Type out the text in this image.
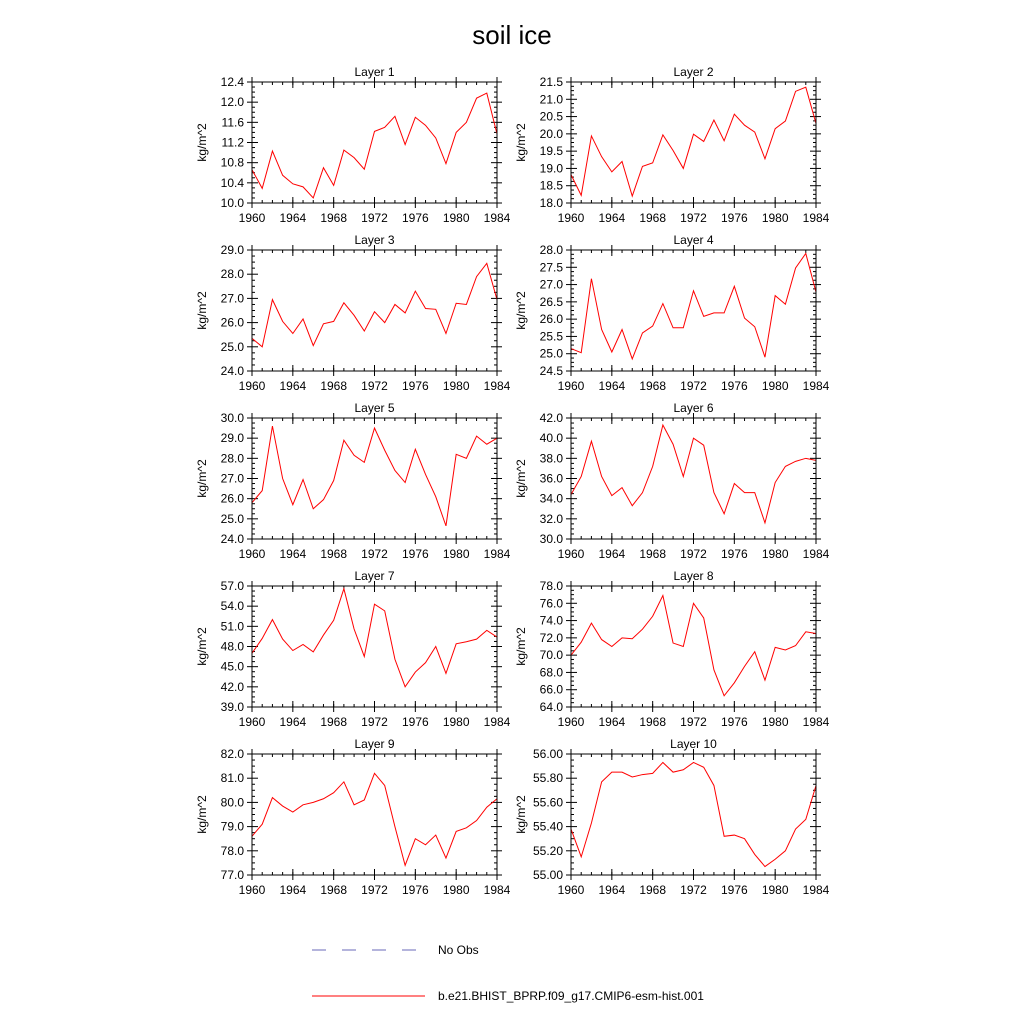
soil ice
Layer 1
kg/m^2
10.0
10.4
10.8
11.2
11.6
12.0
12.4
1960 1964 1968 1972 1976 1980 1984
Layer 2
kg/m^2
18.0
18.5
19.0
19.5
20.0
20.5
21.0
21.5
1960 1964 1968 1972 1976 1980 1984
Layer 3
kg/m^2
24.0
25.0
26.0
27.0
28.0
29.0
1960 1964 1968 1972 1976 1980 1984
Layer 4
kg/m^2
24.5
25.0
25.5
26.0
26.5
27.0
27.5
28.0
1960 1964 1968 1972 1976 1980 1984
Layer 5
kg/m^2
24.0
25.0
26.0
27.0
28.0
29.0
30.0
1960 1964 1968 1972 1976 1980 1984
Layer 6
kg/m^2
30.0
32.0
34.0
36.0
38.0
40.0
42.0
1960 1964 1968 1972 1976 1980 1984
Layer 7
kg/m^2
39.0
42.0
45.0
48.0
51.0
54.0
57.0
1960 1964 1968 1972 1976 1980 1984
Layer 8
kg/m^2
64.0
66.0
68.0
70.0
72.0
74.0
76.0
78.0
1960 1964 1968 1972 1976 1980 1984
Layer 9
kg/m^2
77.0
78.0
79.0
80.0
81.0
82.0
1960 1964 1968 1972 1976 1980 1984
Layer 10
kg/m^2
55.00
55.20
55.40
55.60
55.80
56.00
1960 1964 1968 1972 1976 1980 1984
No Obs
b.e21.BHIST_BPRP.f09_g17.CMIP6-esm-hist.001
